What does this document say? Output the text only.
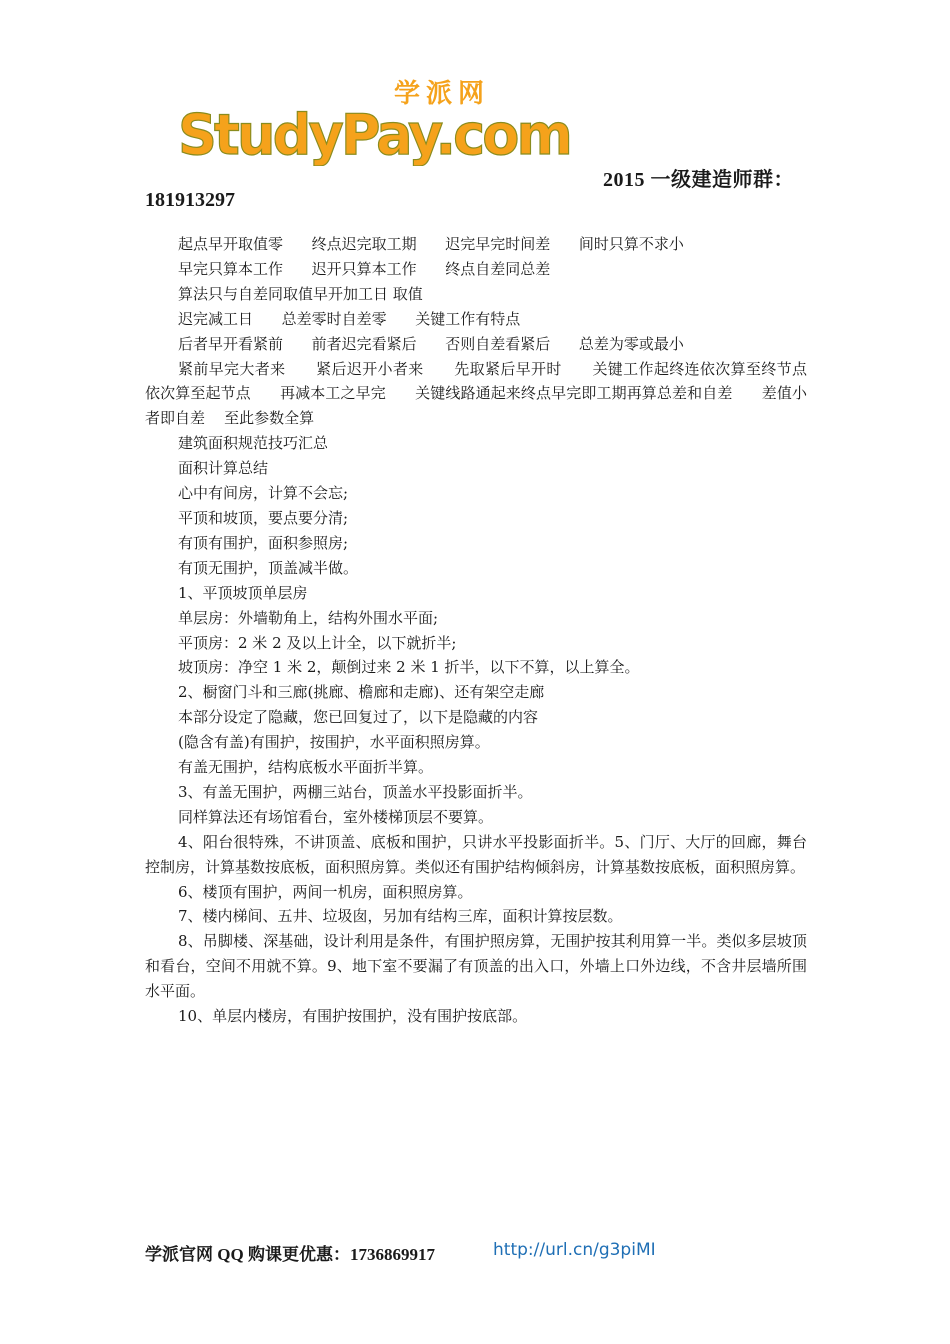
学派网
StudyPay.com
2015 一级建造师群：
181913297
起点早开取值零      终点迟完取工期      迟完早完时间差      间时只算不求小
早完只算本工作      迟开只算本工作      终点自差同总差
算法只与自差同取值早开加工日 取值
迟完减工日      总差零时自差零      关键工作有特点
后者早开看紧前      前者迟完看紧后      否则自差看紧后      总差为零或最小
紧前早完大者来      紧后迟开小者来      先取紧后早开时      关键工作起终连依次算至终节点      依次算至起节点      再减本工之早完      关键线路通起来终点早完即工期再算总差和自差      差值小者即自差    至此参数全算
建筑面积规范技巧汇总
面积计算总结
心中有间房，计算不会忘;
平顶和坡顶，要点要分清;
有顶有围护，面积参照房;
有顶无围护，顶盖减半做。
1、平顶坡顶单层房
单层房：外墙勒角上，结构外围水平面;
平顶房：2 米 2 及以上计全，以下就折半;
坡顶房：净空 1 米 2，颠倒过来 2 米 1 折半，以下不算，以上算全。
2、橱窗门斗和三廊(挑廊、檐廊和走廊)、还有架空走廊
本部分设定了隐藏，您已回复过了，以下是隐藏的内容
(隐含有盖)有围护，按围护，水平面积照房算。
有盖无围护，结构底板水平面折半算。
3、有盖无围护，两棚三站台，顶盖水平投影面折半。
同样算法还有场馆看台，室外楼梯顶层不要算。
4、阳台很特殊，不讲顶盖、底板和围护，只讲水平投影面折半。5、门厅、大厅的回廊，舞台控制房，计算基数按底板，面积照房算。类似还有围护结构倾斜房，计算基数按底板，面积照房算。
6、楼顶有围护，两间一机房，面积照房算。
7、楼内梯间、五井、垃圾囱，另加有结构三库，面积计算按层数。
8、吊脚楼、深基础，设计利用是条件，有围护照房算，无围护按其利用算一半。类似多层坡顶和看台，空间不用就不算。9、地下室不要漏了有顶盖的出入口，外墙上口外边线，不含井层墙所围水平面。
10、单层内楼房，有围护按围护，没有围护按底部。
学派官网 QQ 购课更优惠：1736869917	http://url.cn/g3piMI
